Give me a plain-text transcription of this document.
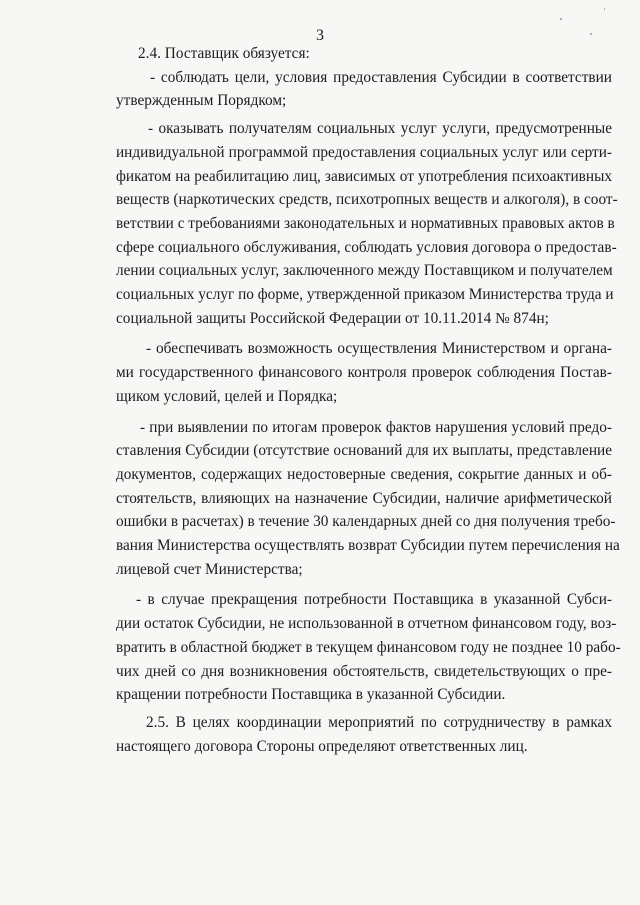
3
2.4. Поставщик обязуется:
- соблюдать цели, условия предоставления Субсидии в соответствии
утвержденным Порядком;
- оказывать получателям социальных услуг услуги, предусмотренные
индивидуальной программой предоставления социальных услуг или серти-
фикатом на реабилитацию лиц, зависимых от употребления психоактивных
веществ (наркотических средств, психотропных веществ и алкоголя), в соот-
ветствии с требованиями законодательных и нормативных правовых актов в
сфере социального обслуживания, соблюдать условия договора о предостав-
лении социальных услуг, заключенного между Поставщиком и получателем
социальных услуг по форме, утвержденной приказом Министерства труда и
социальной защиты Российской Федерации от 10.11.2014 № 874н;
- обеспечивать возможность осуществления Министерством и органа-
ми государственного финансового контроля проверок соблюдения Постав-
щиком условий, целей и Порядка;
- при выявлении по итогам проверок фактов нарушения условий предо-
ставления Субсидии (отсутствие оснований для их выплаты, представление
документов, содержащих недостоверные сведения, сокрытие данных и об-
стоятельств, влияющих на назначение Субсидии, наличие арифметической
ошибки в расчетах) в течение 30 календарных дней со дня получения требо-
вания Министерства осуществлять возврат Субсидии путем перечисления на
лицевой счет Министерства;
- в случае прекращения потребности Поставщика в указанной Субси-
дии остаток Субсидии, не использованной в отчетном финансовом году, воз-
вратить в областной бюджет в текущем финансовом году не позднее 10 рабо-
чих дней со дня возникновения обстоятельств, свидетельствующих о пре-
кращении потребности Поставщика в указанной Субсидии.
2.5. В целях координации мероприятий по сотрудничеству в рамках
настоящего договора Стороны определяют ответственных лиц.
